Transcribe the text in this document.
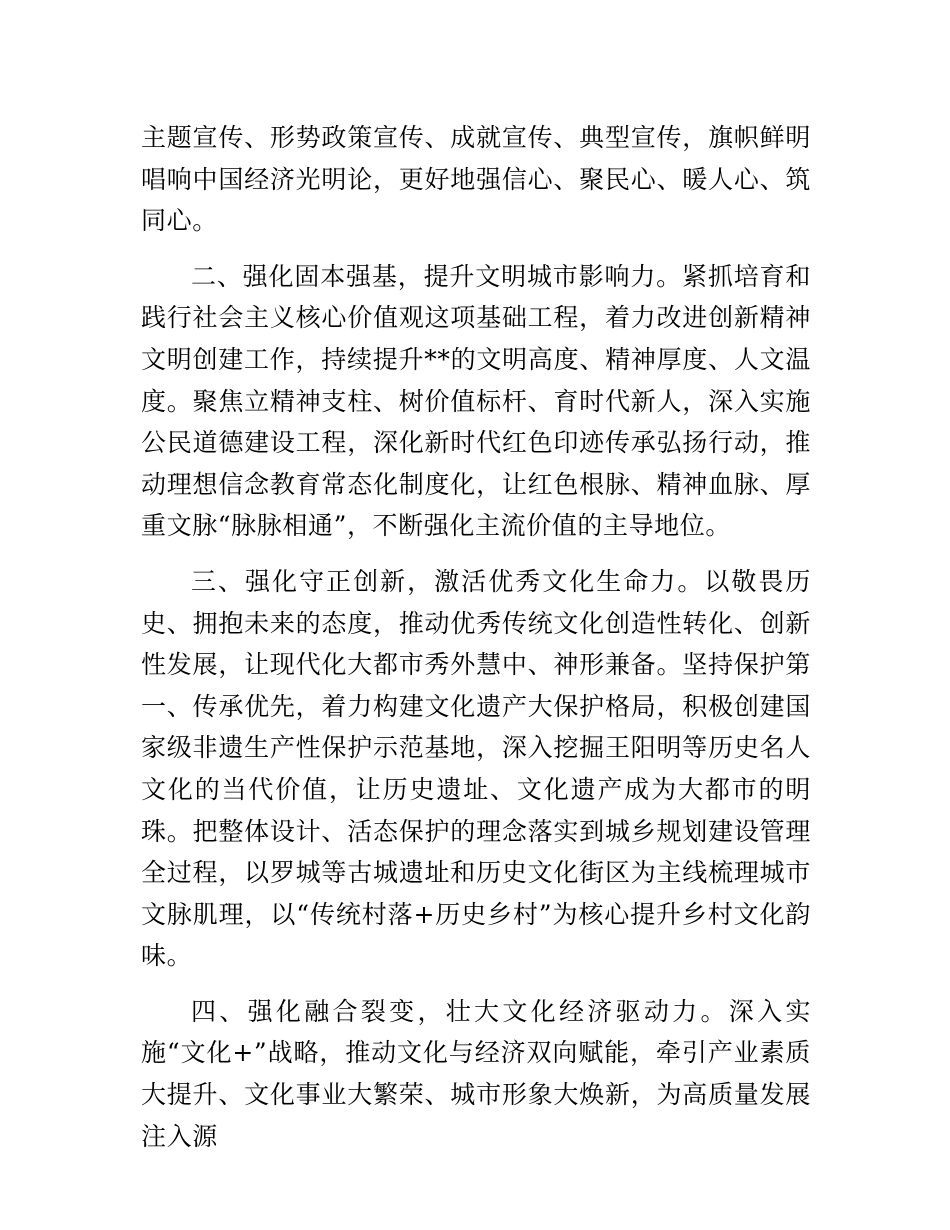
主题宣传、形势政策宣传、成就宣传、典型宣传，旗帜鲜明唱响中国经济光明论，更好地强信心、聚民心、暖人心、筑同心。

二、强化固本强基，提升文明城市影响力。紧抓培育和践行社会主义核心价值观这项基础工程，着力改进创新精神文明创建工作，持续提升**的文明高度、精神厚度、人文温度。聚焦立精神支柱、树价值标杆、育时代新人，深入实施公民道德建设工程，深化新时代红色印迹传承弘扬行动，推动理想信念教育常态化制度化，让红色根脉、精神血脉、厚重文脉“脉脉相通”，不断强化主流价值的主导地位。

三、强化守正创新，激活优秀文化生命力。以敬畏历史、拥抱未来的态度，推动优秀传统文化创造性转化、创新性发展，让现代化大都市秀外慧中、神形兼备。坚持保护第一、传承优先，着力构建文化遗产大保护格局，积极创建国家级非遗生产性保护示范基地，深入挖掘王阳明等历史名人文化的当代价值，让历史遗址、文化遗产成为大都市的明珠。把整体设计、活态保护的理念落实到城乡规划建设管理全过程，以罗城等古城遗址和历史文化街区为主线梳理城市文脉肌理，以“传统村落+历史乡村”为核心提升乡村文化韵味。

四、强化融合裂变，壮大文化经济驱动力。深入实施“文化+”战略，推动文化与经济双向赋能，牵引产业素质大提升、文化事业大繁荣、城市形象大焕新，为高质量发展注入源
